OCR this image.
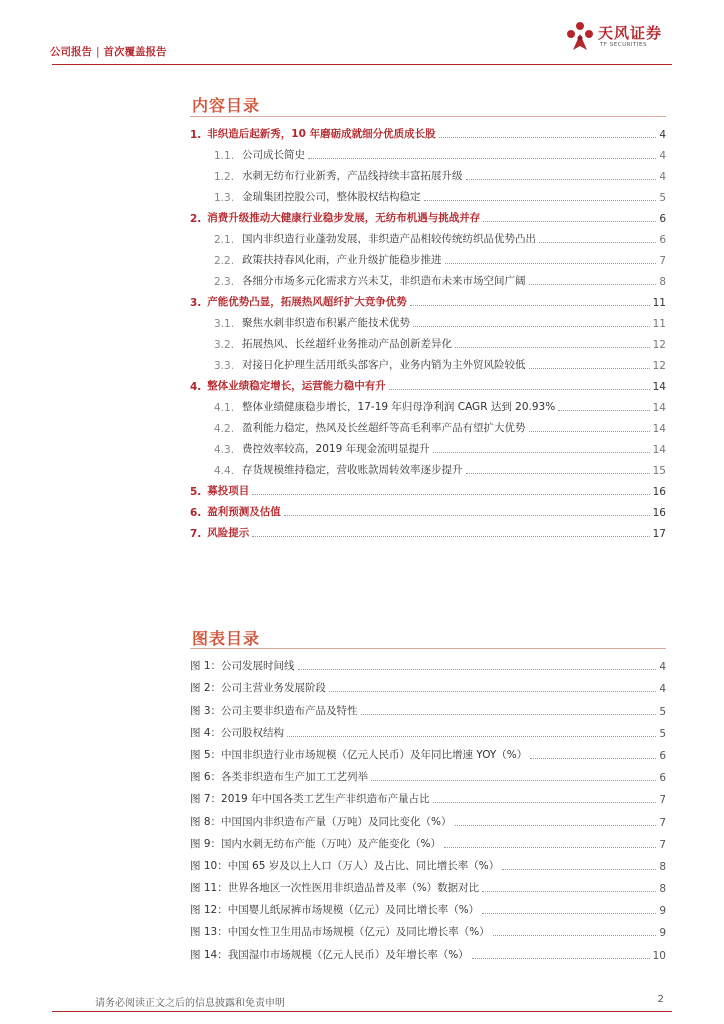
公司报告 | 首次覆盖报告
天风证券
TF SECURITIES
内容目录
1. 非织造后起新秀，10 年磨砺成就细分优质成长股	4
1.1. 公司成长简史	4
1.2. 水刺无纺布行业新秀，产品线持续丰富拓展升级	4
1.3. 金瑞集团控股公司，整体股权结构稳定	5
2. 消费升级推动大健康行业稳步发展，无纺布机遇与挑战并存	6
2.1. 国内非织造行业蓬勃发展，非织造产品相较传统纺织品优势凸出	6
2.2. 政策扶持春风化雨，产业升级扩能稳步推进	7
2.3. 各细分市场多元化需求方兴未艾，非织造布未来市场空间广阔	8
3. 产能优势凸显，拓展热风超纤扩大竞争优势	11
3.1. 聚焦水刺非织造布积累产能技术优势	11
3.2. 拓展热风、长丝超纤业务推动产品创新差异化	12
3.3. 对接日化护理生活用纸头部客户，业务内销为主外贸风险较低	12
4. 整体业绩稳定增长，运营能力稳中有升	14
4.1. 整体业绩健康稳步增长，17-19 年归母净利润 CAGR 达到 20.93%	14
4.2. 盈利能力稳定，热风及长丝超纤等高毛利率产品有望扩大优势	14
4.3. 费控效率较高，2019 年现金流明显提升	14
4.4. 存货规模维持稳定，营收账款周转效率逐步提升	15
5. 募投项目	16
6. 盈利预测及估值	16
7. 风险提示	17
图表目录
图 1：公司发展时间线	4
图 2：公司主营业务发展阶段	4
图 3：公司主要非织造布产品及特性	5
图 4：公司股权结构	5
图 5：中国非织造行业市场规模（亿元人民币）及年同比增速 YOY（%）	6
图 6：各类非织造布生产加工工艺列举	6
图 7：2019 年中国各类工艺生产非织造布产量占比	7
图 8：中国国内非织造布产量（万吨）及同比变化（%）	7
图 9：国内水刺无纺布产能（万吨）及产能变化（%）	7
图 10：中国 65 岁及以上人口（万人）及占比、同比增长率（%）	8
图 11：世界各地区一次性医用非织造品普及率（%）数据对比	8
图 12：中国婴儿纸尿裤市场规模（亿元）及同比增长率（%）	9
图 13：中国女性卫生用品市场规模（亿元）及同比增长率（%）	9
图 14：我国湿巾市场规模（亿元人民币）及年增长率（%）	10
请务必阅读正文之后的信息披露和免责申明	2
